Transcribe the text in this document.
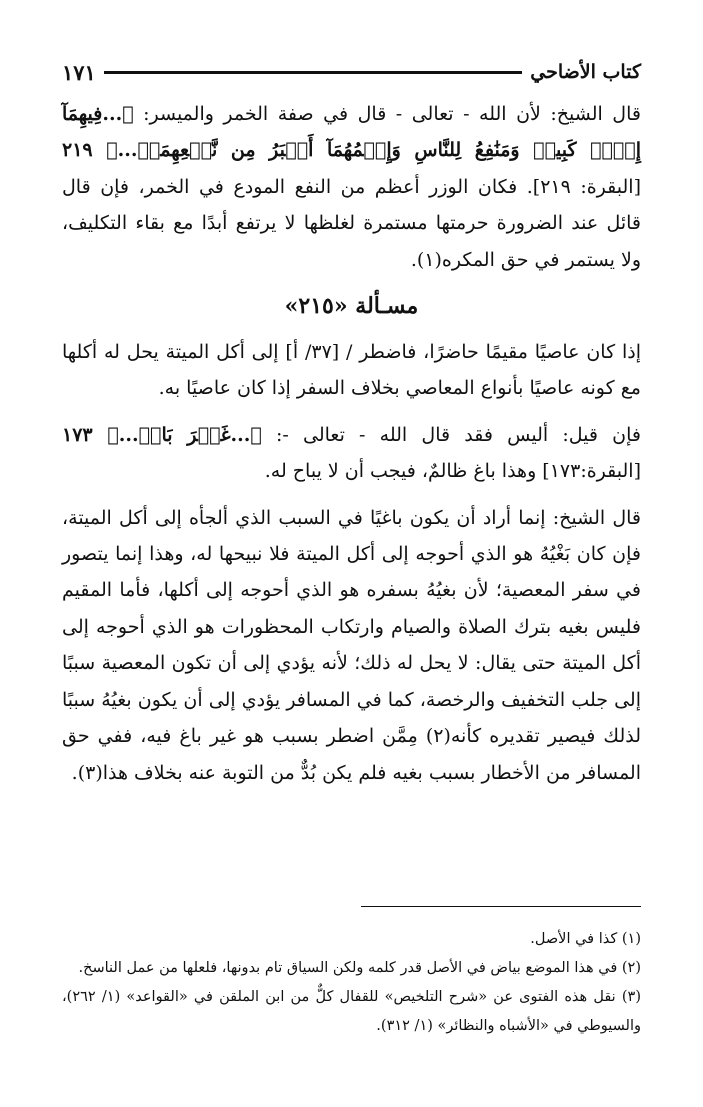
كتاب الأضاحي
١٧١

قال الشيخ: لأن الله - تعالى - قال في صفة الخمر والميسر: ﴿...فِيهِمَآ إِثۡمٞ كَبِيرٞ وَمَنَٰفِعُ لِلنَّاسِ وَإِثۡمُهُمَآ أَكۡبَرُ مِن نَّفۡعِهِمَاۗ...﴾ ٢١٩ [البقرة: ٢١٩]. فكان الوزر أعظم من النفع المودع في الخمر، فإن قال قائل عند الضرورة حرمتها مستمرة لغلظها لا يرتفع أبدًا مع بقاء التكليف، ولا يستمر في حق المكره(١).

مسـألة «٢١٥»

إذا كان عاصيًا مقيمًا حاضرًا، فاضطر / [٣٧/ أ] إلى أكل الميتة يحل له أكلها مع كونه عاصيًا بأنواع المعاصي بخلاف السفر إذا كان عاصيًا به.

فإن قيل: أليس فقد قال الله - تعالى -: ﴿...غَيۡرَ بَاغٖ...﴾ ١٧٣ [البقرة:١٧٣] وهذا باغ ظالمٌ، فيجب أن لا يباح له.

قال الشيخ: إنما أراد أن يكون باغيًا في السبب الذي ألجأه إلى أكل الميتة، فإن كان بَغْيُهُ هو الذي أحوجه إلى أكل الميتة فلا نبيحها له، وهذا إنما يتصور في سفر المعصية؛ لأن بغيُهُ بسفره هو الذي أحوجه إلى أكلها، فأما المقيم فليس بغيه بترك الصلاة والصيام وارتكاب المحظورات هو الذي أحوجه إلى أكل الميتة حتى يقال: لا يحل له ذلك؛ لأنه يؤدي إلى أن تكون المعصية سببًا إلى جلب التخفيف والرخصة، كما في المسافر يؤدي إلى أن يكون بغيُهُ سببًا لذلك فيصير تقديره كأنه(٢) مِمَّن اضطر بسبب هو غير باغ فيه، ففي حق المسافر من الأخطار بسبب بغيه فلم يكن بُدٌّ من التوبة عنه بخلاف هذا(٣).

(١) كذا في الأصل.

(٢) في هذا الموضع بياض في الأصل قدر كلمه ولكن السياق تام بدونها، فلعلها من عمل الناسخ.

(٣) نقل هذه الفتوى عن «شرح التلخيص» للقفال كلٌّ من ابن الملقن في «القواعد» (١/ ٢٦٢)، والسيوطي في «الأشباه والنظائر» (١/ ٣١٢).
